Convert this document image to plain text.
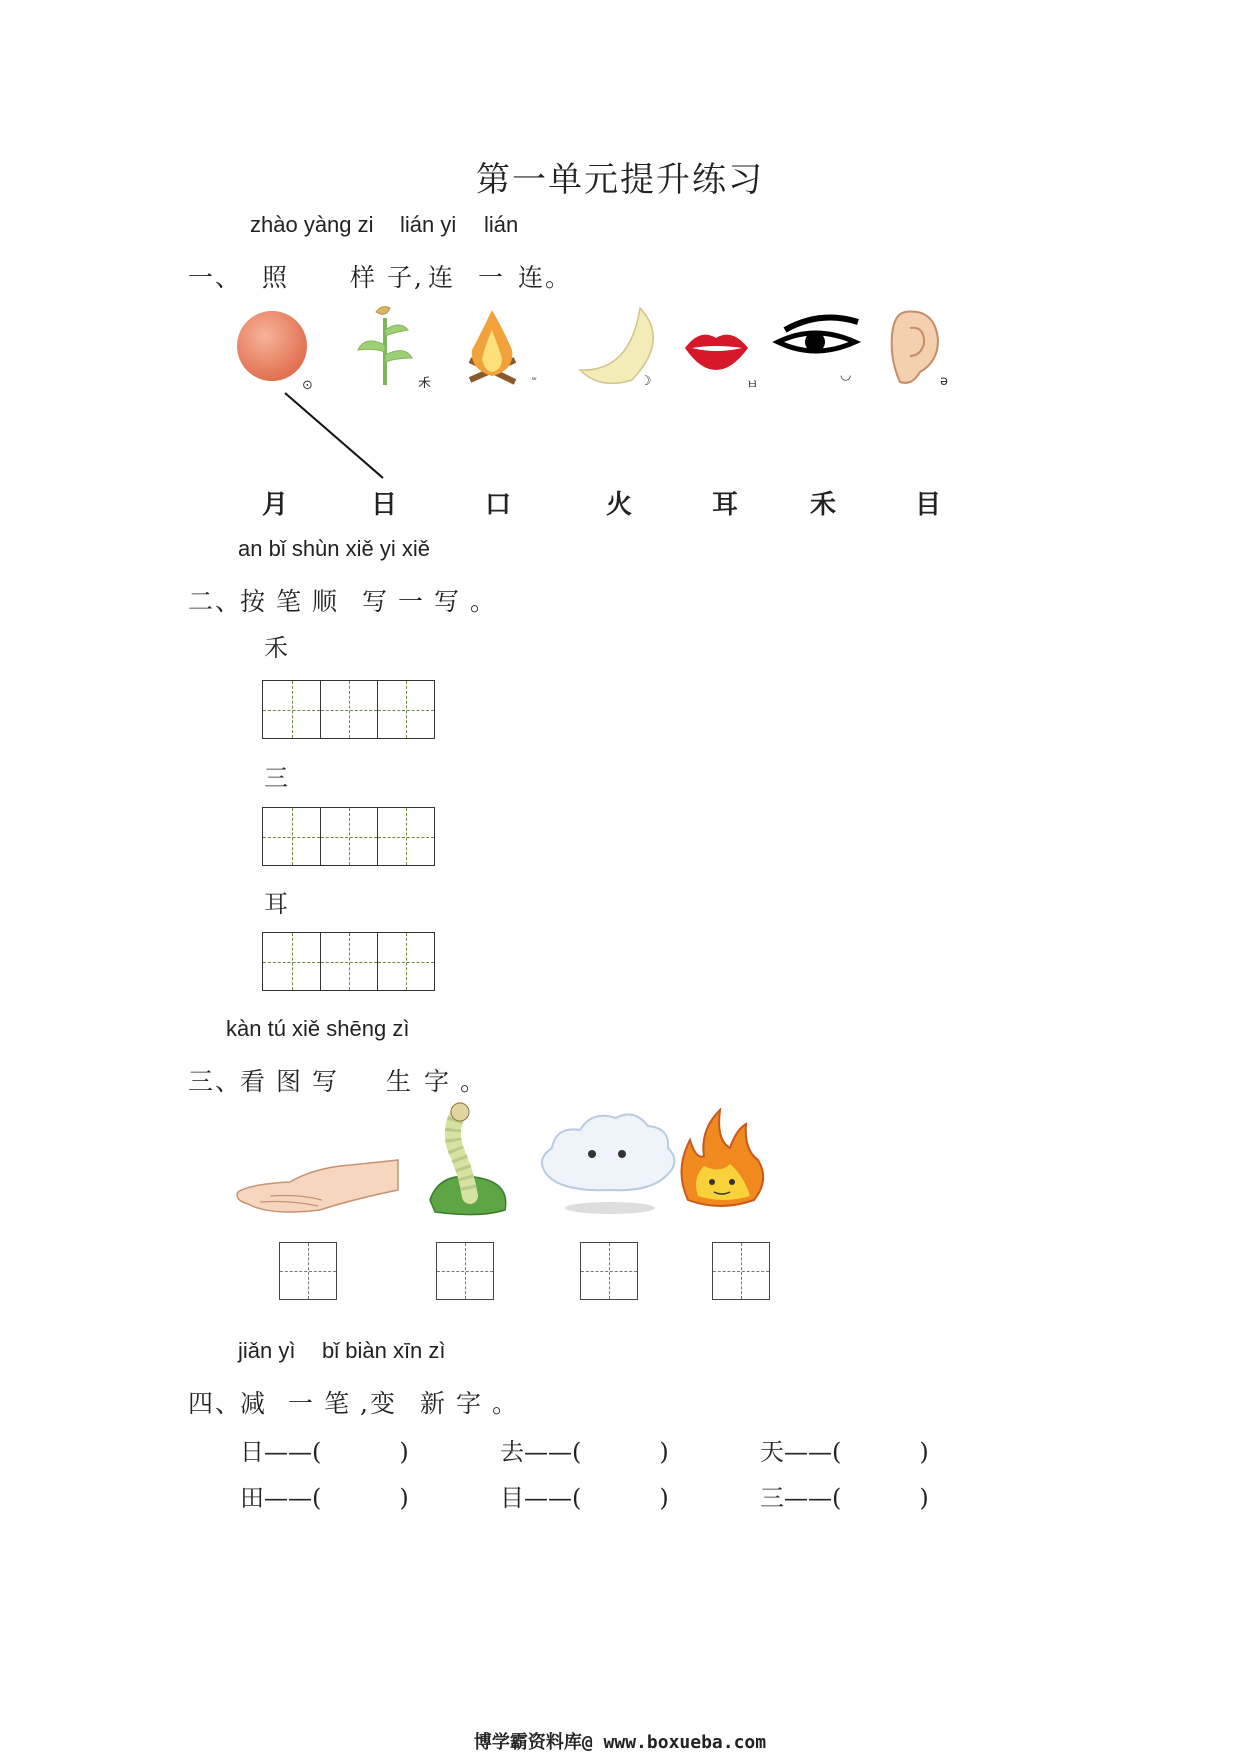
第一单元提升练习
zhào yàng zi lián yi lián
一、 照 样 子, 连 一 连。
⊙	𥝌	☽	ㅂ
◡	ə
月	日	口	火	耳	禾	目
an bǐ shùn xiě yi xiě
二、
按 笔 顺 写 一 写 。
禾
三
耳
kàn tú xiě shēng zì
三、
看 图 写 生 字 。
jiǎn yì bǐ biàn xīn zì
四、
减 一 笔 ,变 新 字 。
日——(	)	去——(	)	天——(	)
田——(	)	目——(	)	三——(	)
博学霸资料库@ www.boxueba.com
